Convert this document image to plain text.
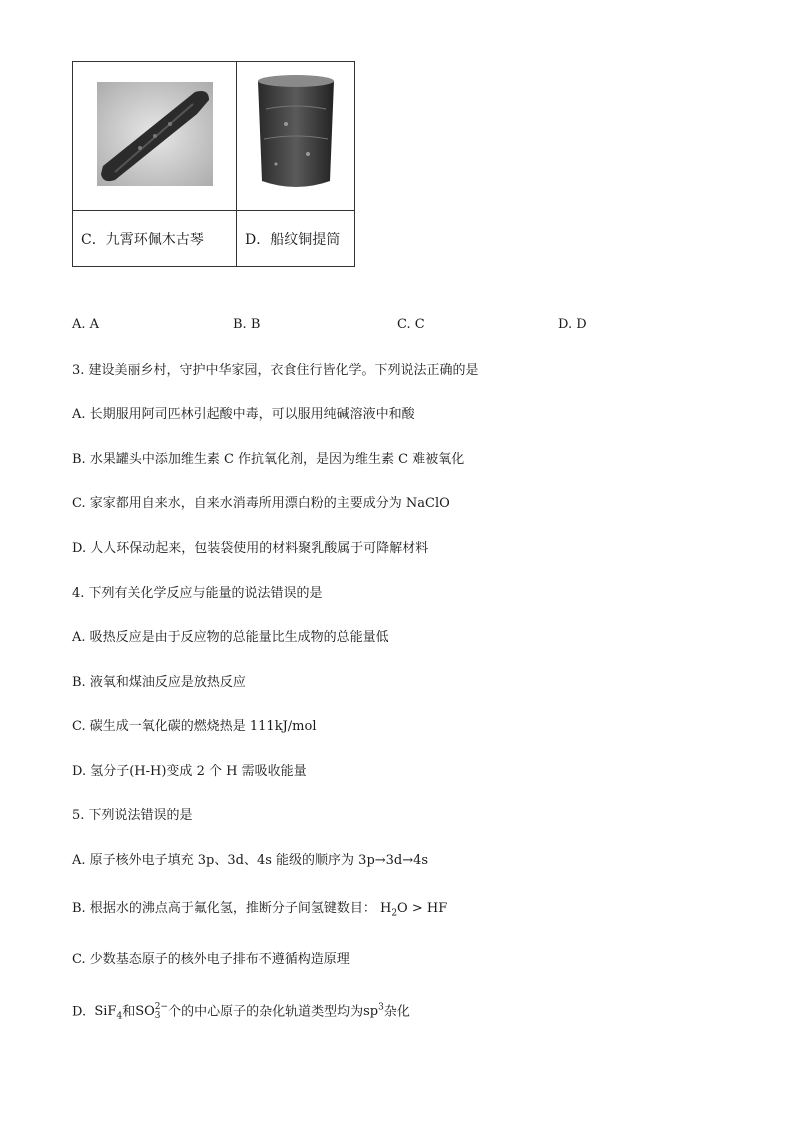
C．九霄环佩木古琴	D．船纹铜提筒
A. A	B. B	C. C	D. D
3. 建设美丽乡村，守护中华家园，衣食住行皆化学。下列说法正确的是
A. 长期服用阿司匹林引起酸中毒，可以服用纯碱溶液中和酸
B. 水果罐头中添加维生素 C 作抗氧化剂，是因为维生素 C 难被氧化
C. 家家都用自来水，自来水消毒所用漂白粉的主要成分为 NaClO
D. 人人环保动起来，包装袋使用的材料聚乳酸属于可降解材料
4. 下列有关化学反应与能量的说法错误的是
A. 吸热反应是由于反应物的总能量比生成物的总能量低
B. 液氧和煤油反应是放热反应
C. 碳生成一氧化碳的燃烧热是 111kJ/mol
D. 氢分子(H-H)变成 2 个 H 需吸收能量
5. 下列说法错误的是
A. 原子核外电子填充 3p、3d、4s 能级的顺序为 3p→3d→4s
B. 根据水的沸点高于氟化氢，推断分子间氢键数目： $H_2O$ > HF
C. 少数基态原子的核外电子排布不遵循构造原理
D. SiF$_4$和SO 2−
3 个的中心原子的杂化轨道类型均为$sp^3$杂化
